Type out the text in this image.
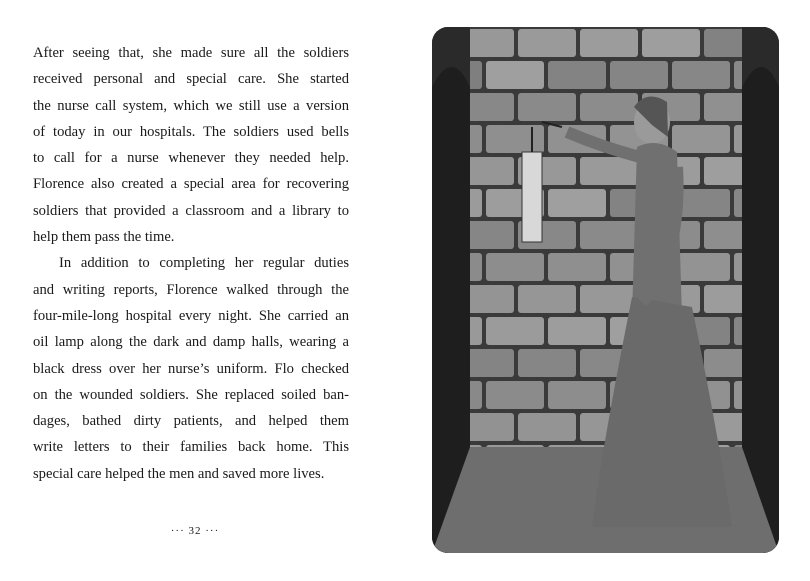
After seeing that, she made sure all the soldiers
received personal and special care. She started
the nurse call system, which we still use a version
of today in our hospitals. The soldiers used bells
to call for a nurse whenever they needed help.
Florence also created a special area for recovering
soldiers that provided a classroom and a library to
help them pass the time.
In addition to completing her regular duties
and writing reports, Florence walked through the
four-mile-long hospital every night. She carried an
oil lamp along the dark and damp halls, wearing a
black dress over her nurse’s uniform. Flo checked
on the wounded soldiers. She replaced soiled ban-
dages, bathed dirty patients, and helped them
write letters to their families back home. This
special care helped the men and saved more lives.
··· 32 ···
